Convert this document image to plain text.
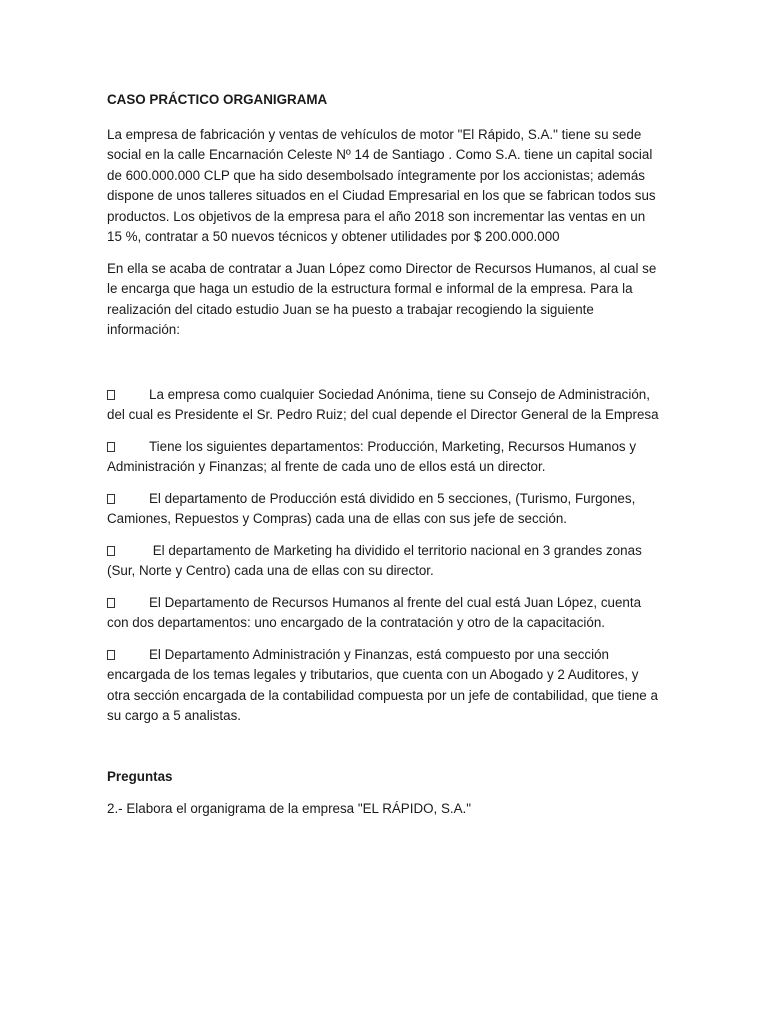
CASO PRÁCTICO ORGANIGRAMA

La empresa de fabricación y ventas de vehículos de motor "El Rápido, S.A." tiene su sede social en la calle Encarnación Celeste Nº 14 de Santiago . Como S.A. tiene un capital social de 600.000.000 CLP que ha sido desembolsado íntegramente por los accionistas; además dispone de unos talleres situados en el Ciudad Empresarial en los que se fabrican todos sus productos. Los objetivos de la empresa para el año 2018 son incrementar las ventas en un 15 %, contratar a 50 nuevos técnicos y obtener utilidades por $ 200.000.000

En ella se acaba de contratar a Juan López como Director de Recursos Humanos, al cual se le encarga que haga un estudio de la estructura formal e informal de la empresa. Para la realización del citado estudio Juan se ha puesto a trabajar recogiendo la siguiente información:

La empresa como cualquier Sociedad Anónima, tiene su Consejo de Administración, del cual es Presidente el Sr. Pedro Ruiz; del cual depende el Director General de la Empresa
Tiene los siguientes departamentos: Producción, Marketing, Recursos Humanos y Administración y Finanzas; al frente de cada uno de ellos está un director.
El departamento de Producción está dividido en 5 secciones, (Turismo, Furgones, Camiones, Repuestos y Compras) cada una de ellas con sus jefe de sección.
El departamento de Marketing ha dividido el territorio nacional en 3 grandes zonas (Sur, Norte y Centro) cada una de ellas con su director.
El Departamento de Recursos Humanos al frente del cual está Juan López, cuenta con dos departamentos: uno encargado de la contratación y otro de la capacitación.
El Departamento Administración y Finanzas, está compuesto por una sección encargada de los temas legales y tributarios, que cuenta con un Abogado y 2 Auditores, y otra sección encargada de la contabilidad compuesta por un jefe de contabilidad, que tiene a su cargo a 5 analistas.
Preguntas

2.- Elabora el organigrama de la empresa "EL RÁPIDO, S.A."
